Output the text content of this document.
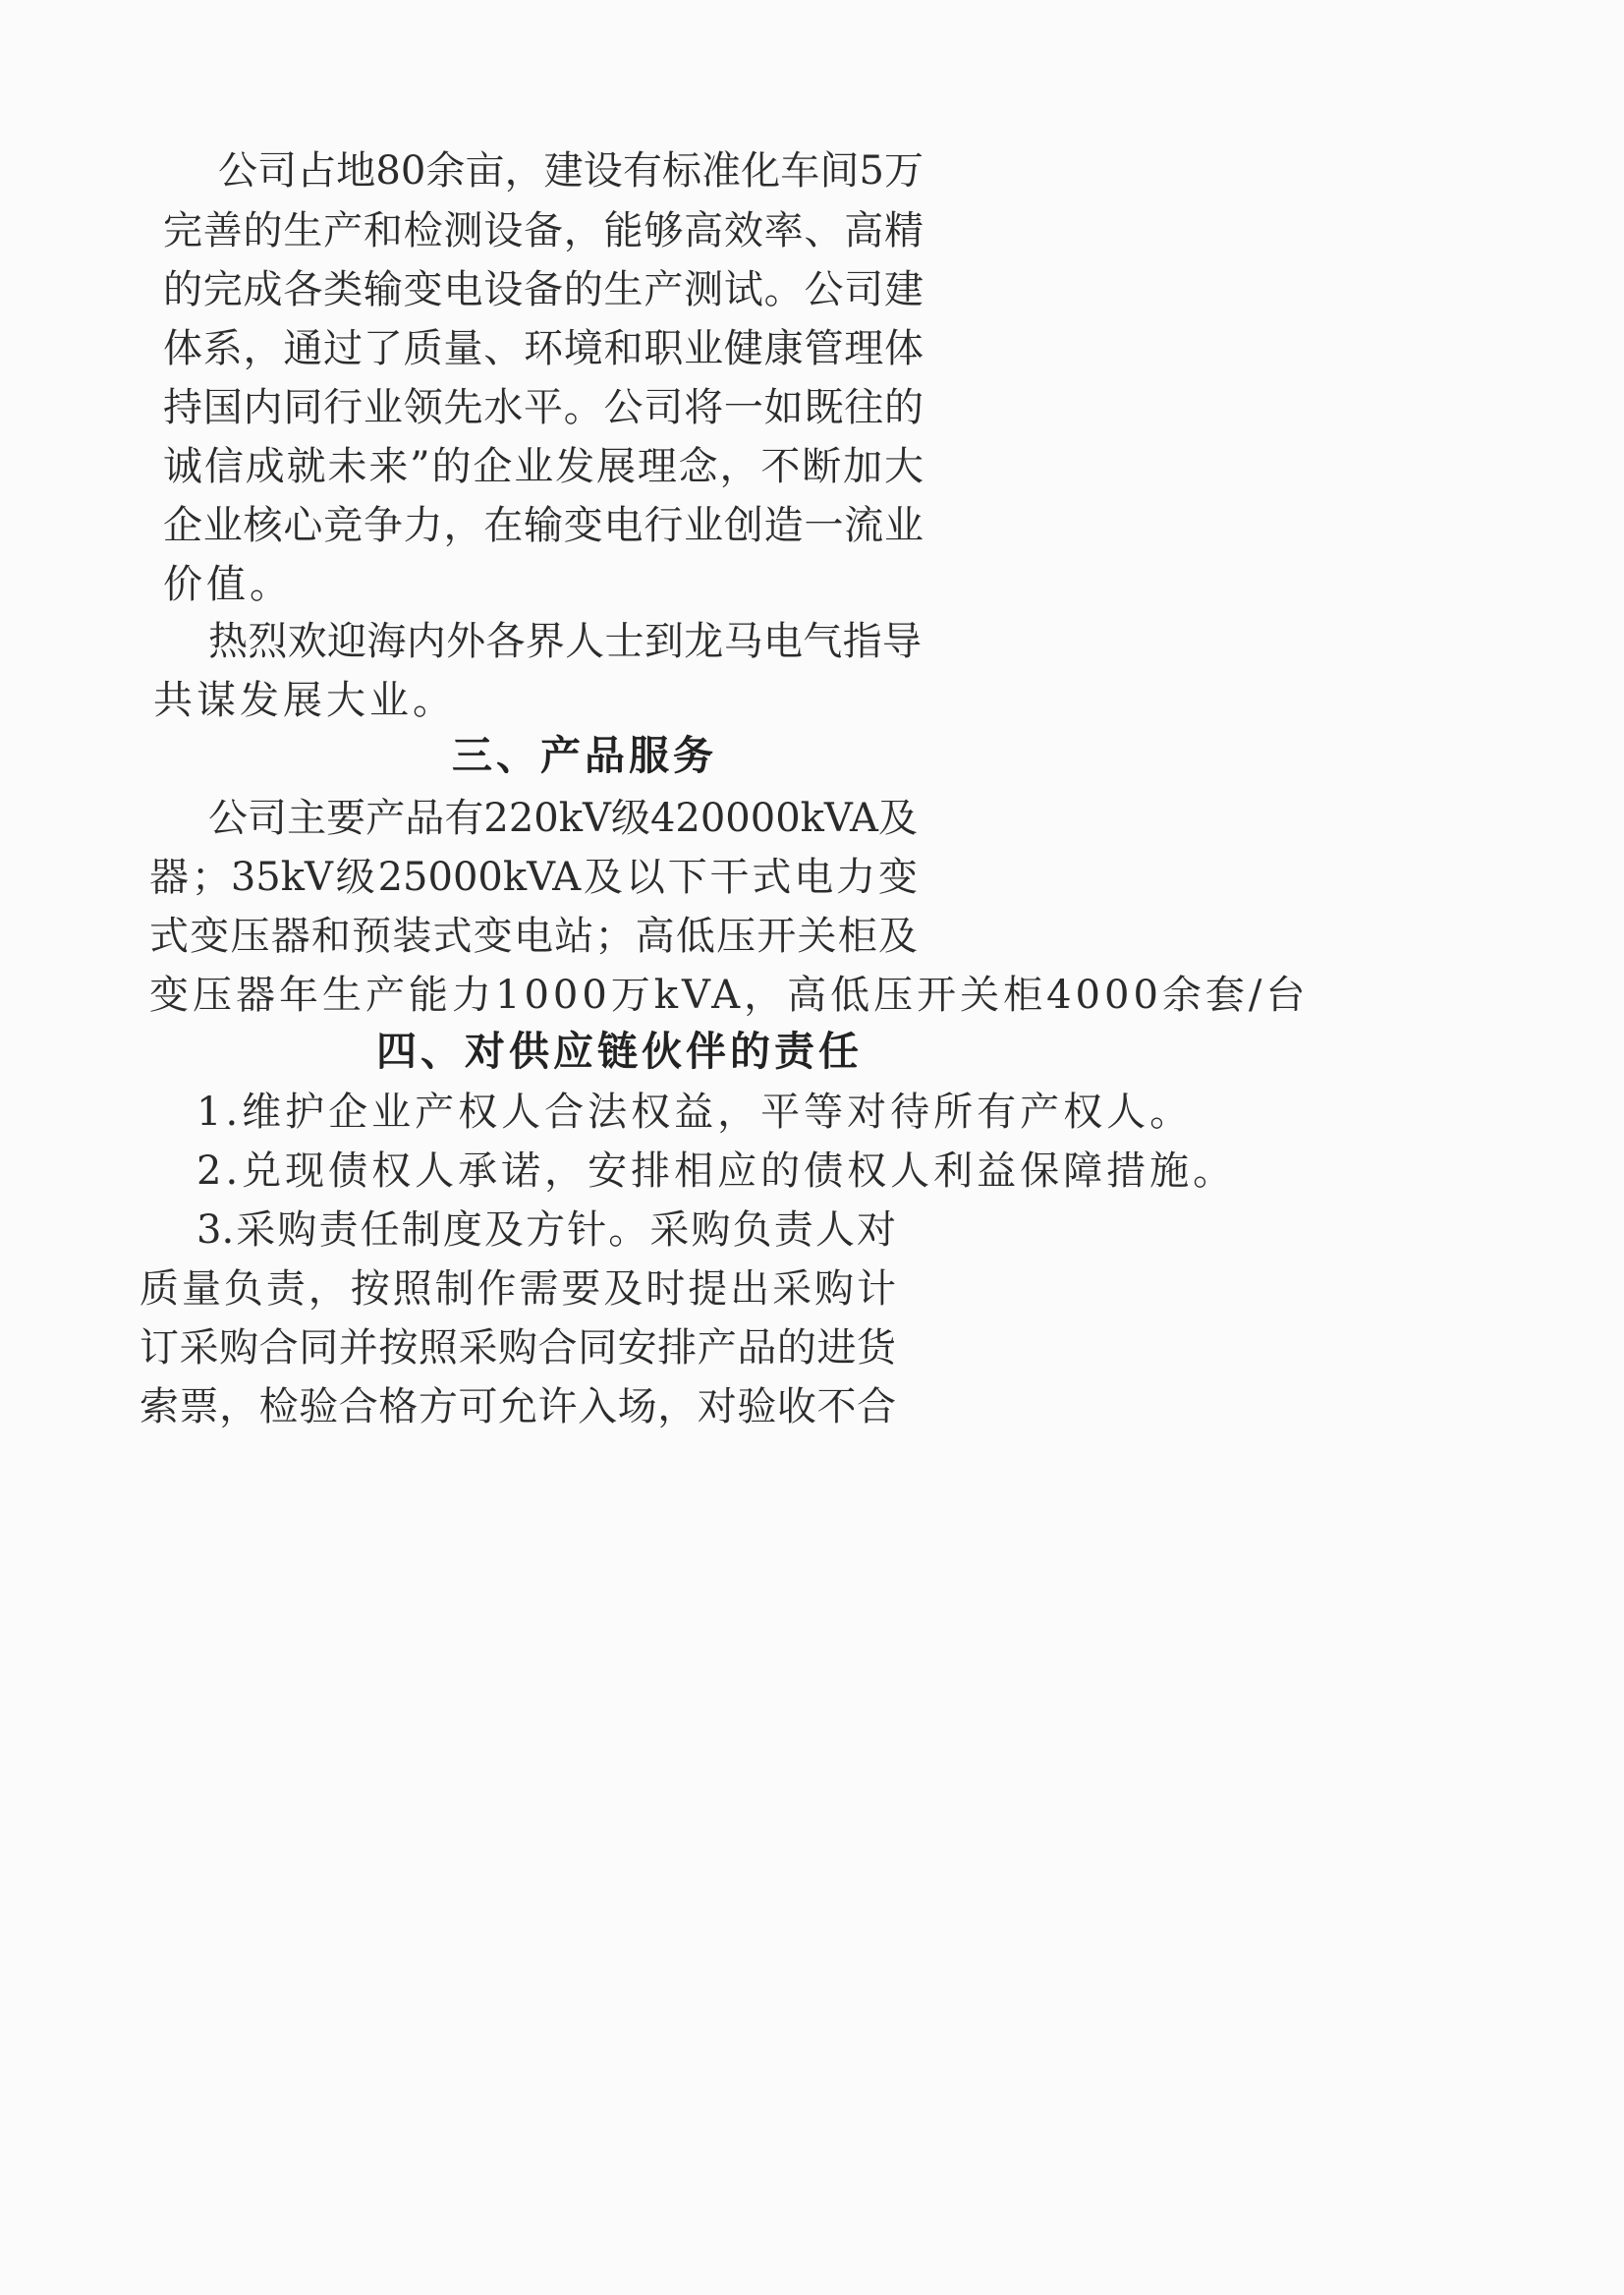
公司占地80余亩，建设有标准化车间5万
完善的生产和检测设备，能够高效率、高精
的完成各类输变电设备的生产测试。公司建
体系，通过了质量、环境和职业健康管理体
持国内同行业领先水平。公司将一如既往的
诚信成就未来”的企业发展理念，不断加大
企业核心竞争力，在输变电行业创造一流业
价值。
热烈欢迎海内外各界人士到龙马电气指导
共谋发展大业。
三、产品服务
公司主要产品有220kV级420000kVA及
器；35kV级25000kVA及以下干式电力变
式变压器和预装式变电站；高低压开关柜及
变压器年生产能力1000万kVA，高低压开关柜4000余套/台
四、对供应链伙伴的责任
1.维护企业产权人合法权益，平等对待所有产权人。
2.兑现债权人承诺，安排相应的债权人利益保障措施。
3.采购责任制度及方针。采购负责人对
质量负责，按照制作需要及时提出采购计
订采购合同并按照采购合同安排产品的进货
索票，检验合格方可允许入场，对验收不合
